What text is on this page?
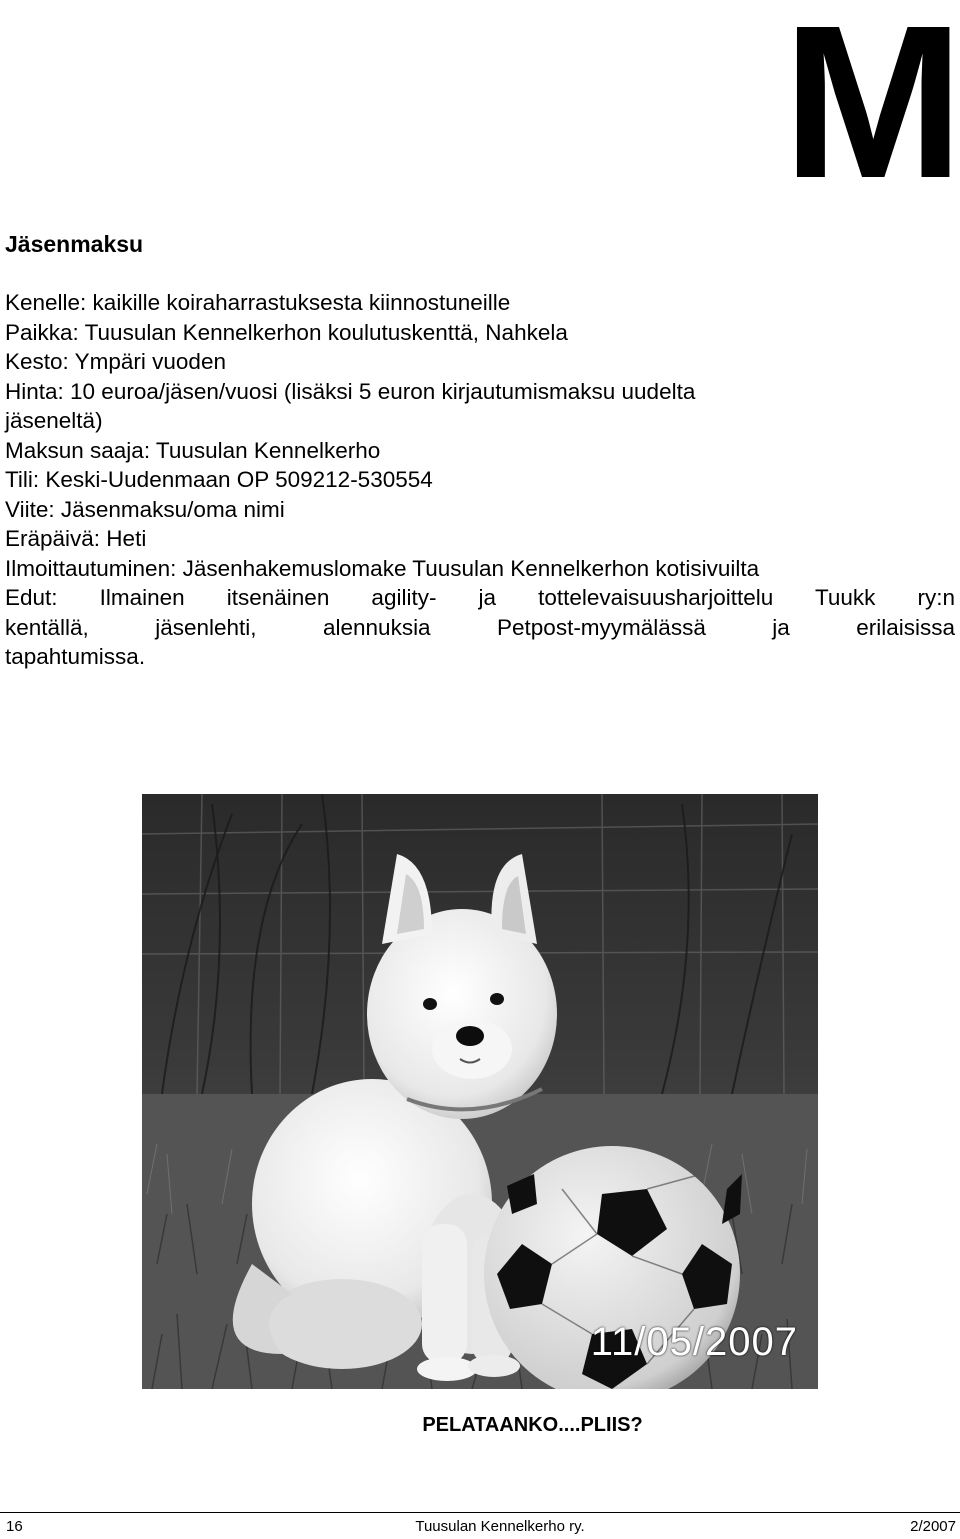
M
Jäsenmaksu
Kenelle: kaikille koiraharrastuksesta kiinnostuneille
Paikka: Tuusulan Kennelkerhon koulutuskenttä, Nahkela
Kesto: Ympäri vuoden
Hinta: 10 euroa/jäsen/vuosi (lisäksi 5 euron kirjautumismaksu uudelta
jäseneltä)
Maksun saaja: Tuusulan Kennelkerho
Tili: Keski-Uudenmaan OP 509212-530554
Viite: Jäsenmaksu/oma nimi
Eräpäivä: Heti
Ilmoittautuminen: Jäsenhakemuslomake Tuusulan Kennelkerhon kotisivuilta
Edut: Ilmainen itsenäinen agility- ja tottelevaisuusharjoittelu Tuukk ry:n
kentällä, jäsenlehti, alennuksia Petpost-myymälässä ja erilaisissa
tapahtumissa.
11/05/2007
PELATAANKO....PLIIS?
16	Tuusulan Kennelkerho ry.	2/2007
